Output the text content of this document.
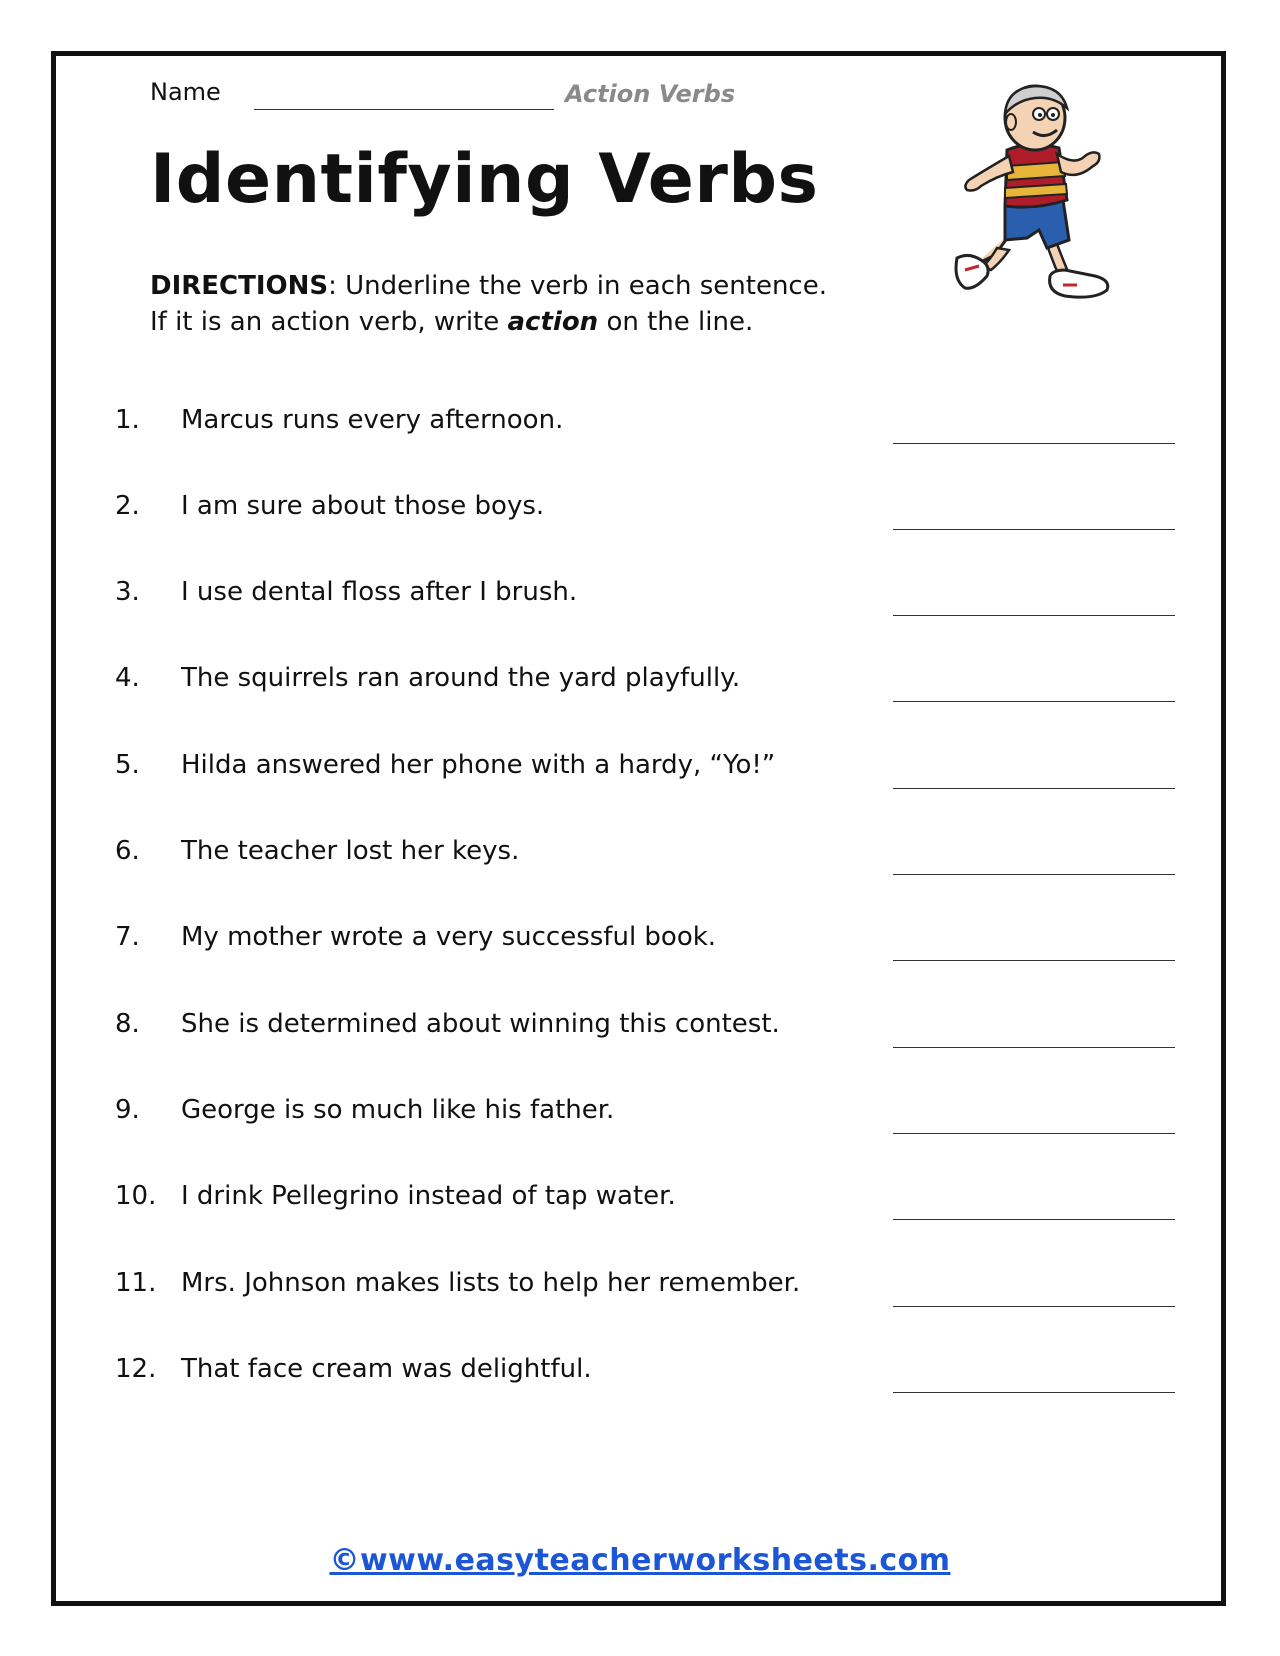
Name	Action Verbs
Identifying Verbs
DIRECTIONS: Underline the verb in each sentence.
If it is an action verb, write action on the line.
1. Marcus runs every afternoon.
2. I am sure about those boys.
3. I use dental floss after I brush.
4. The squirrels ran around the yard playfully.
5. Hilda answered her phone with a hardy, “Yo!”
6. The teacher lost her keys.
7. My mother wrote a very successful book.
8. She is determined about winning this contest.
9. George is so much like his father.
10. I drink Pellegrino instead of tap water.
11. Mrs. Johnson makes lists to help her remember.
12. That face cream was delightful.
©www.easyteacherworksheets.com
